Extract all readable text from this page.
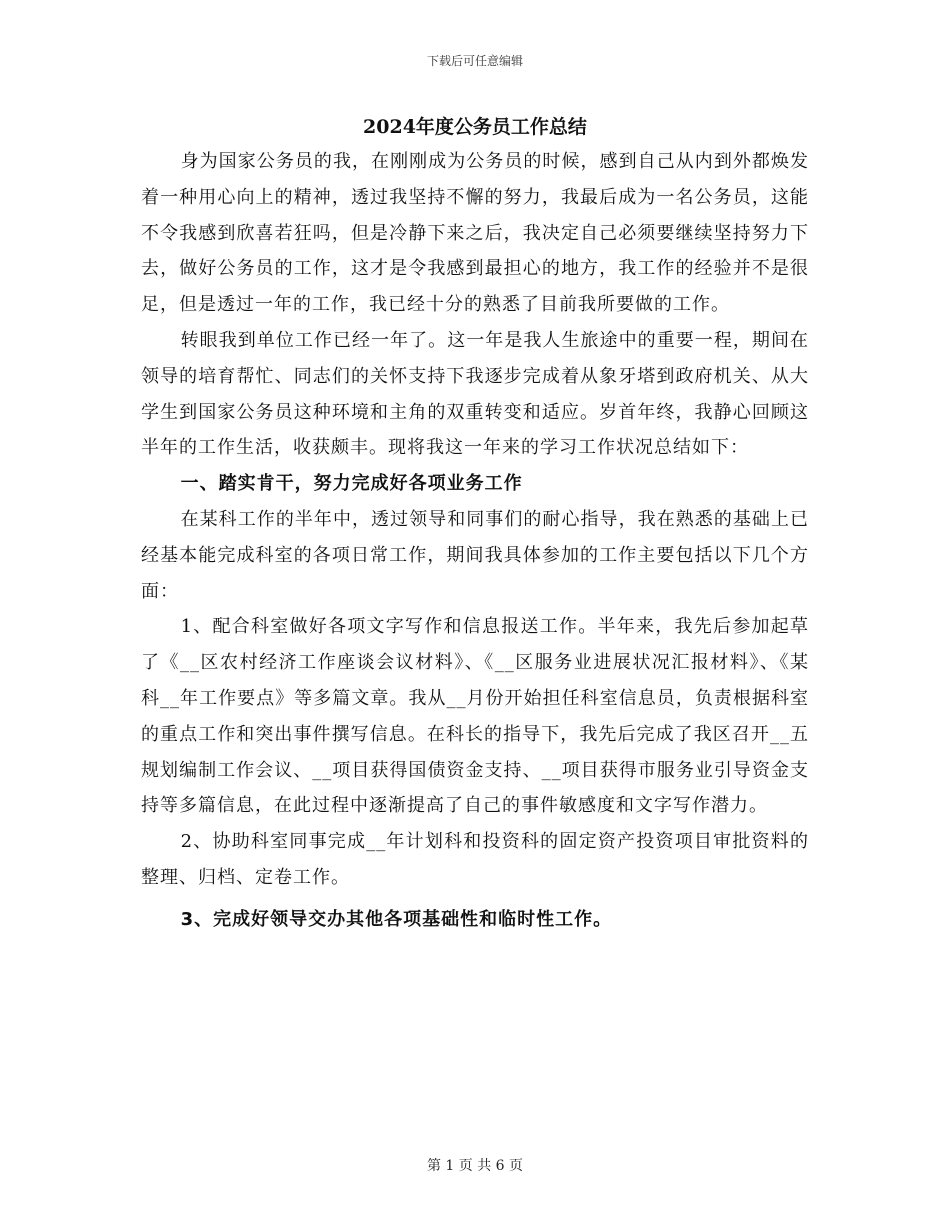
下载后可任意编辑
2024年度公务员工作总结

身为国家公务员的我，在刚刚成为公务员的时候，感到自己从内到外都焕发着一种用心向上的精神，透过我坚持不懈的努力，我最后成为一名公务员，这能不令我感到欣喜若狂吗，但是冷静下来之后，我决定自己必须要继续坚持努力下去，做好公务员的工作，这才是令我感到最担心的地方，我工作的经验并不是很足，但是透过一年的工作，我已经十分的熟悉了目前我所要做的工作。

转眼我到单位工作已经一年了。这一年是我人生旅途中的重要一程，期间在领导的培育帮忙、同志们的关怀支持下我逐步完成着从象牙塔到政府机关、从大学生到国家公务员这种环境和主角的双重转变和适应。岁首年终，我静心回顾这半年的工作生活，收获颇丰。现将我这一年来的学习工作状况总结如下：

一、踏实肯干，努力完成好各项业务工作

在某科工作的半年中，透过领导和同事们的耐心指导，我在熟悉的基础上已经基本能完成科室的各项日常工作，期间我具体参加的工作主要包括以下几个方面：

1、配合科室做好各项文字写作和信息报送工作。半年来，我先后参加起草了《__区农村经济工作座谈会议材料》、《__区服务业进展状况汇报材料》、《某科__年工作要点》等多篇文章。我从__月份开始担任科室信息员，负责根据科室的重点工作和突出事件撰写信息。在科长的指导下，我先后完成了我区召开__五规划编制工作会议、__项目获得国债资金支持、__项目获得市服务业引导资金支持等多篇信息，在此过程中逐渐提高了自己的事件敏感度和文字写作潜力。

2、协助科室同事完成__年计划科和投资科的固定资产投资项目审批资料的整理、归档、定卷工作。

3、完成好领导交办其他各项基础性和临时性工作。

第 1 页 共 6 页
